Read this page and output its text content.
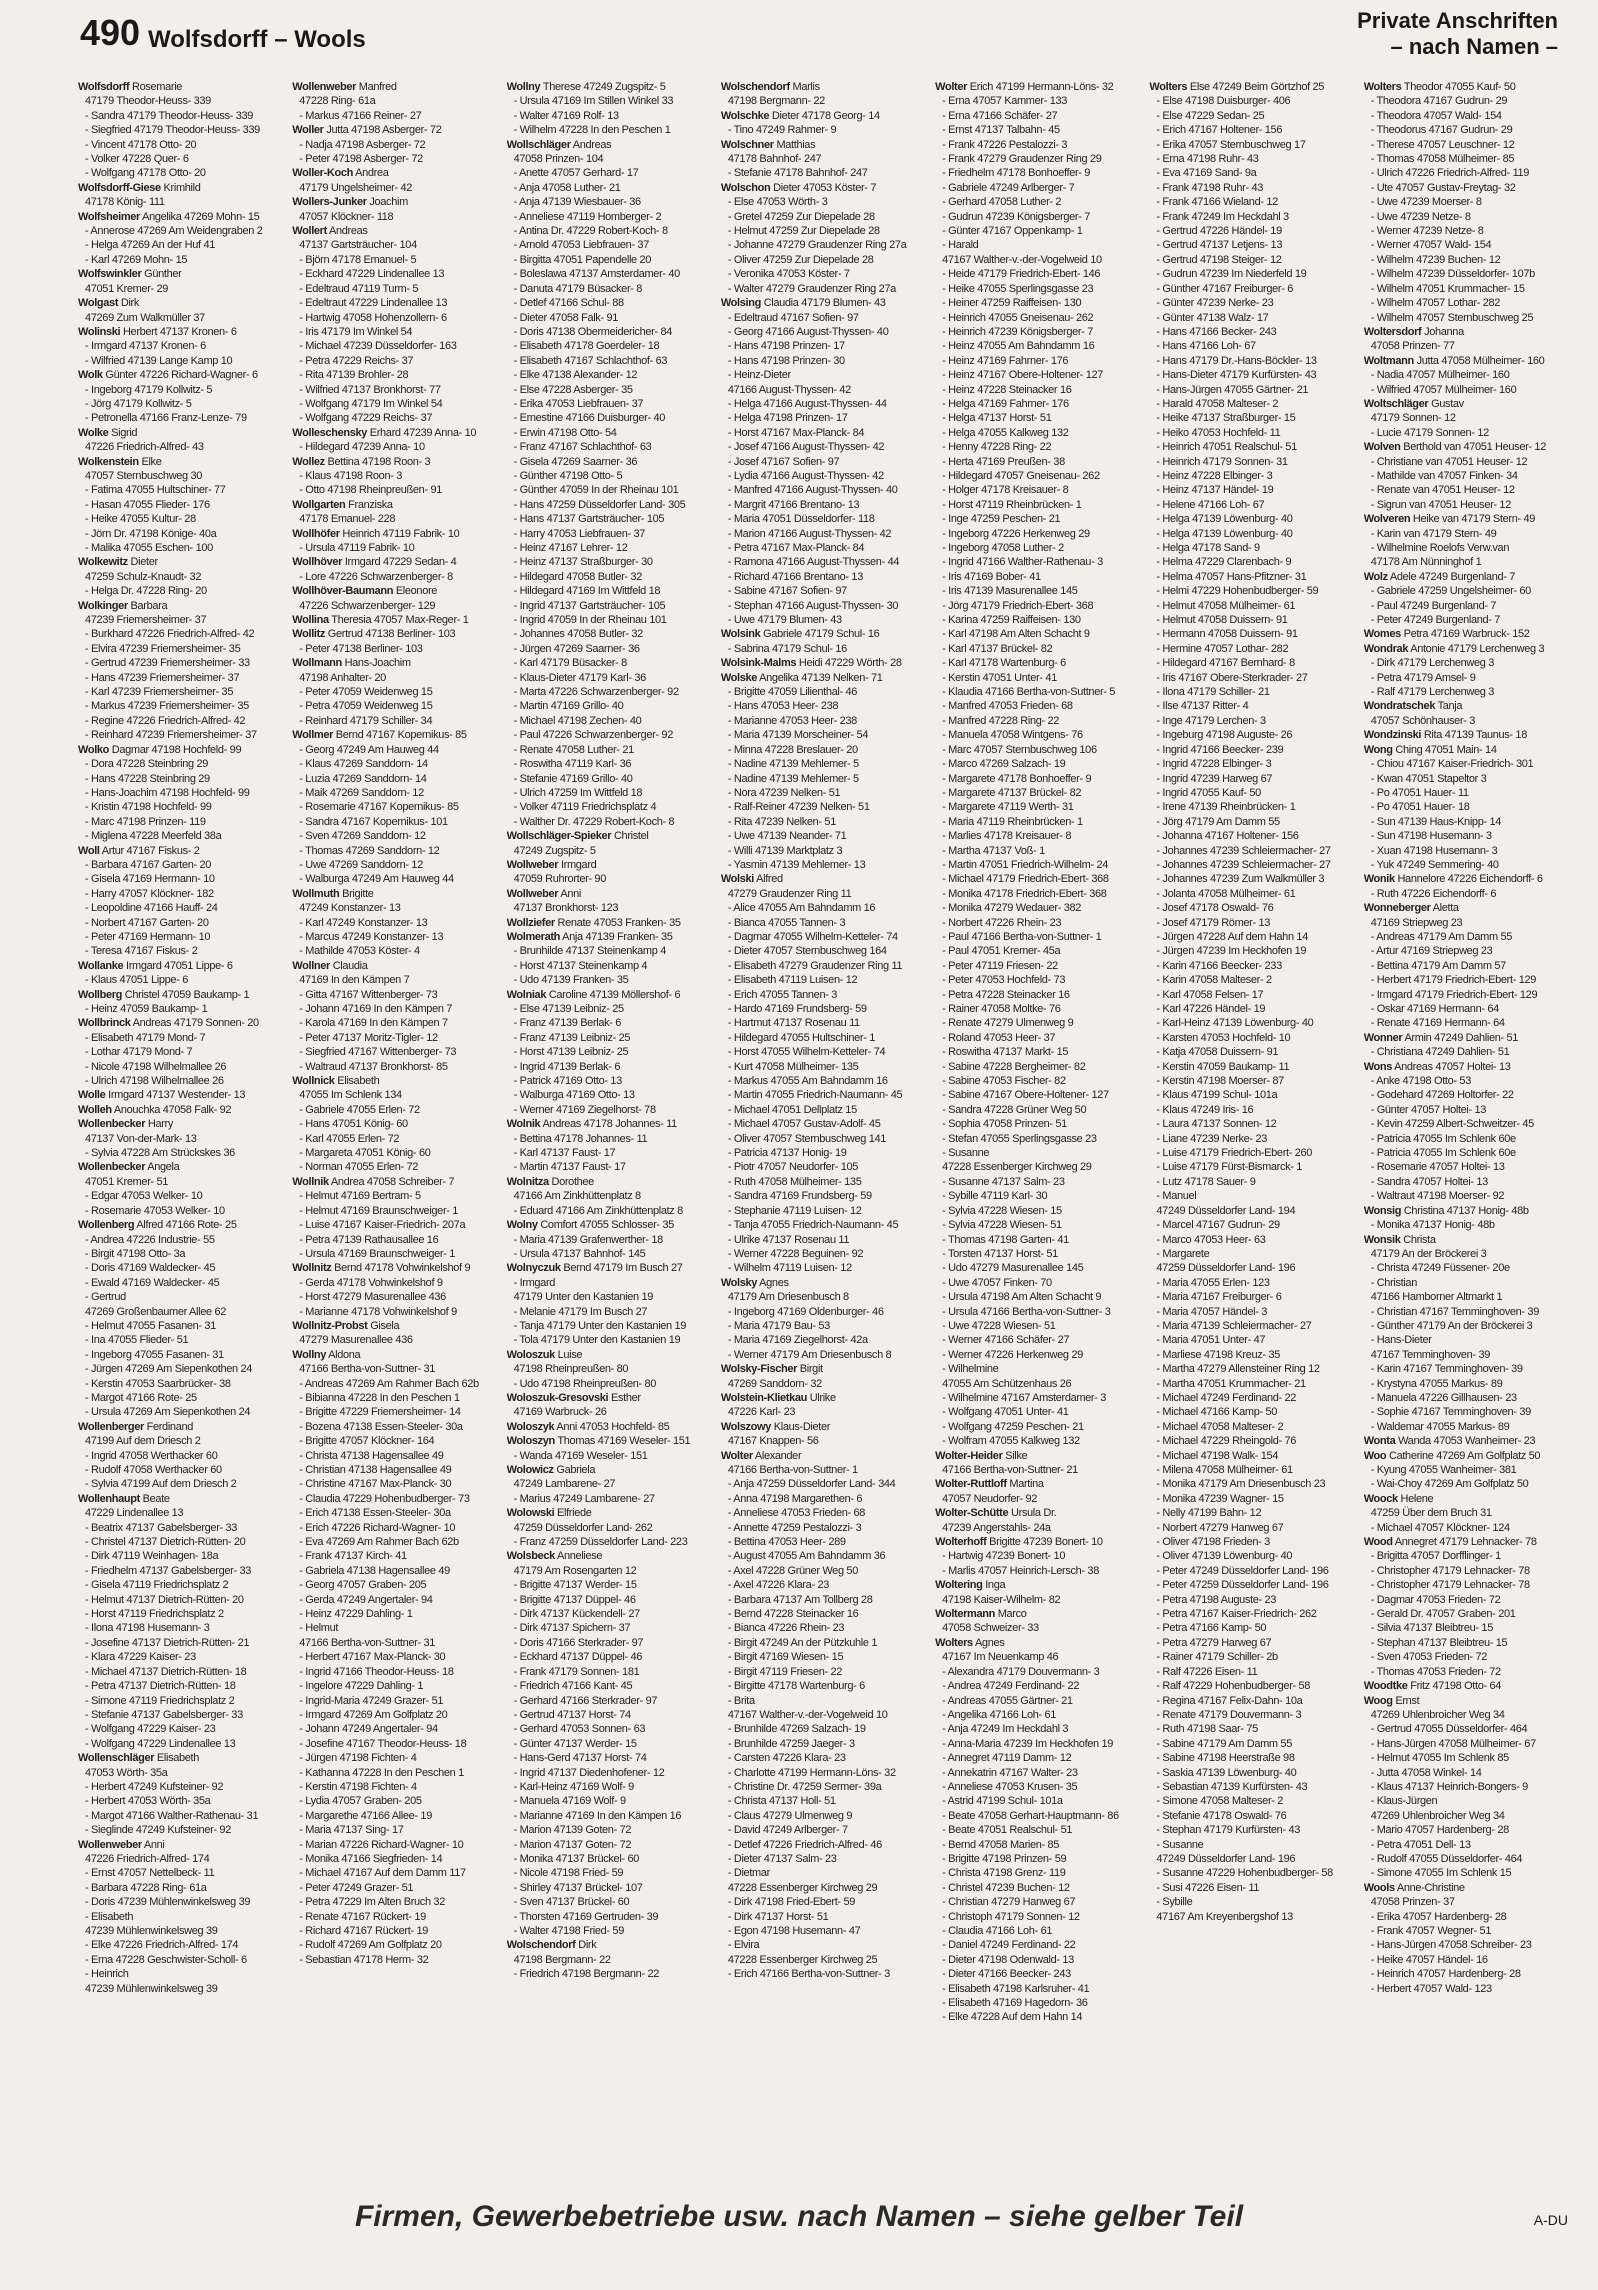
490 Wolfsdorff – Wools
Private Anschriften
– nach Namen –
Wolfsdorff Rosemarie
47179 Theodor-Heuss- 339
- Sandra 47179 Theodor-Heuss- 339
- Siegfried 47179 Theodor-Heuss- 339
- Vincent 47178 Otto- 20
- Volker 47228 Quer- 6
- Wolfgang 47178 Otto- 20
Wolfsdorff-Giese Krimhild
47178 König- 111
Wolfsheimer Angelika 47269 Mohn- 15
- Annerose 47269 Am Weidengraben 2
- Helga 47269 An der Huf 41
- Karl 47269 Mohn- 15
Wolfswinkler Günther
47051 Kremer- 29
Wolgast Dirk
47269 Zum Walkmüller 37
Wolinski Herbert 47137 Kronen- 6
- Irmgard 47137 Kronen- 6
- Wilfried 47139 Lange Kamp 10
Wolk Günter 47226 Richard-Wagner- 6
- Ingeborg 47179 Kollwitz- 5
- Jörg 47179 Kollwitz- 5
- Petronella 47166 Franz-Lenze- 79
Wolke Sigrid
47226 Friedrich-Alfred- 43
Wolkenstein Elke
47057 Sternbuschweg 30
- Fatima 47055 Hultschiner- 77
- Hasan 47055 Flieder- 176
- Heike 47055 Kultur- 28
- Jörn Dr. 47198 Könige- 40a
- Malika 47055 Eschen- 100
Wolkewitz Dieter
47259 Schulz-Knaudt- 32
- Helga Dr. 47228 Ring- 20
Wolkinger Barbara
47239 Friemersheimer- 37
- Burkhard 47226 Friedrich-Alfred- 42
- Elvira 47239 Friemersheimer- 35
- Gertrud 47239 Friemersheimer- 33
- Hans 47239 Friemersheimer- 37
- Karl 47239 Friemersheimer- 35
- Markus 47239 Friemersheimer- 35
- Regine 47226 Friedrich-Alfred- 42
- Reinhard 47239 Friemersheimer- 37
Wolko Dagmar 47198 Hochfeld- 99
- Dora 47228 Steinbring 29
- Hans 47228 Steinbring 29
- Hans-Joachim 47198 Hochfeld- 99
- Kristin 47198 Hochfeld- 99
- Marc 47198 Prinzen- 119
- Miglena 47228 Meerfeld 38a
Woll Artur 47167 Fiskus- 2
- Barbara 47167 Garten- 20
- Gisela 47169 Hermann- 10
- Harry 47057 Klöckner- 182
- Leopoldine 47166 Hauff- 24
- Norbert 47167 Garten- 20
- Peter 47169 Hermann- 10
- Teresa 47167 Fiskus- 2
Wollanke Irmgard 47051 Lippe- 6
- Klaus 47051 Lippe- 6
Wollberg Christel 47059 Baukamp- 1
- Heinz 47059 Baukamp- 1
Wollbrinck Andreas 47179 Sonnen- 20
- Elisabeth 47179 Mond- 7
- Lothar 47179 Mond- 7
- Nicole 47198 Wilhelmallee 26
- Ulrich 47198 Wilhelmallee 26
Wolle Irmgard 47137 Westender- 13
Wolleh Anouchka 47058 Falk- 92
Wollenbecker Harry
47137 Von-der-Mark- 13
- Sylvia 47228 Am Strückskes 36
Wollenbecker Angela
47051 Kremer- 51
- Edgar 47053 Welker- 10
- Rosemarie 47053 Welker- 10
Wollenberg Alfred 47166 Rote- 25
- Andrea 47226 Industrie- 55
- Birgit 47198 Otto- 3a
- Doris 47169 Waldecker- 45
- Ewald 47169 Waldecker- 45
- Gertrud
47269 Großenbaumer Allee 62
- Helmut 47055 Fasanen- 31
- Ina 47055 Flieder- 51
- Ingeborg 47055 Fasanen- 31
- Jürgen 47269 Am Siepenkothen 24
- Kerstin 47053 Saarbrücker- 38
- Margot 47166 Rote- 25
- Ursula 47269 Am Siepenkothen 24
Wollenberger Ferdinand
47199 Auf dem Driesch 2
- Ingrid 47058 Werthacker 60
- Rudolf 47058 Werthacker 60
- Sylvia 47199 Auf dem Driesch 2
Wollenhaupt Beate
47229 Lindenallee 13
- Beatrix 47137 Gabelsberger- 33
- Christel 47137 Dietrich-Rütten- 20
- Dirk 47119 Weinhagen- 18a
- Friedhelm 47137 Gabelsberger- 33
- Gisela 47119 Friedrichsplatz 2
- Helmut 47137 Dietrich-Rütten- 20
- Horst 47119 Friedrichsplatz 2
- Ilona 47198 Husemann- 3
- Josefine 47137 Dietrich-Rütten- 21
- Klara 47229 Kaiser- 23
- Michael 47137 Dietrich-Rütten- 18
- Petra 47137 Dietrich-Rütten- 18
- Simone 47119 Friedrichsplatz 2
- Stefanie 47137 Gabelsberger- 33
- Wolfgang 47229 Kaiser- 23
- Wolfgang 47229 Lindenallee 13
Wollenschläger Elisabeth
47053 Wörth- 35a
- Herbert 47249 Kufsteiner- 92
- Herbert 47053 Wörth- 35a
- Margot 47166 Walther-Rathenau- 31
- Sieglinde 47249 Kufsteiner- 92
Wollenweber Anni
47226 Friedrich-Alfred- 174
- Ernst 47057 Nettelbeck- 11
- Barbara 47228 Ring- 61a
- Doris 47239 Mühlenwinkelsweg 39
- Elisabeth
47239 Mühlenwinkelsweg 39
- Elke 47226 Friedrich-Alfred- 174
- Erna 47228 Geschwister-Scholl- 6
- Heinrich
47239 Mühlenwinkelsweg 39
Wollenweber Manfred
47228 Ring- 61a
- Markus 47166 Reiner- 27
Woller Jutta 47198 Asberger- 72
- Nadja 47198 Asberger- 72
- Peter 47198 Asberger- 72
Woller-Koch Andrea
47179 Ungelsheimer- 42
Wollers-Junker Joachim
47057 Klöckner- 118
Wollert Andreas
47137 Gartsträucher- 104
- Björn 47178 Emanuel- 5
- Eckhard 47229 Lindenallee 13
- Edeltraud 47119 Turm- 5
- Edeltraut 47229 Lindenallee 13
- Hartwig 47058 Hohenzollern- 6
- Iris 47179 Im Winkel 54
- Michael 47239 Düsseldorfer- 163
- Petra 47229 Reichs- 37
- Rita 47139 Brohler- 28
- Wilfried 47137 Bronkhorst- 77
- Wolfgang 47179 Im Winkel 54
- Wolfgang 47229 Reichs- 37
Wolleschensky Erhard 47239 Anna- 10
- Hildegard 47239 Anna- 10
Wollez Bettina 47198 Roon- 3
- Klaus 47198 Roon- 3
- Otto 47198 Rheinpreußen- 91
Wollgarten Franziska
47178 Emanuel- 228
Wollhöfer Heinrich 47119 Fabrik- 10
- Ursula 47119 Fabrik- 10
Wollhöver Irmgard 47229 Sedan- 4
- Lore 47226 Schwarzenberger- 8
Wollhöver-Baumann Eleonore
47226 Schwarzenberger- 129
Wollina Theresia 47057 Max-Reger- 1
Wollitz Gertrud 47138 Berliner- 103
- Peter 47138 Berliner- 103
Wollmann Hans-Joachim
47198 Anhalter- 20
- Peter 47059 Weidenweg 15
- Petra 47059 Weidenweg 15
- Reinhard 47179 Schiller- 34
Wollmer Bernd 47167 Kopernikus- 85
- Georg 47249 Am Hauweg 44
- Klaus 47269 Sanddorn- 14
- Luzia 47269 Sanddorn- 14
- Maik 47269 Sanddorn- 12
- Rosemarie 47167 Kopernikus- 85
- Sandra 47167 Kopernikus- 101
- Sven 47269 Sanddorn- 12
- Thomas 47269 Sanddorn- 12
- Uwe 47269 Sanddorn- 12
- Walburga 47249 Am Hauweg 44
Wollmuth Brigitte
47249 Konstanzer- 13
- Karl 47249 Konstanzer- 13
- Marcus 47249 Konstanzer- 13
- Mathilde 47053 Köster- 4
Wollner Claudia
47169 In den Kämpen 7
- Gitta 47167 Wittenberger- 73
- Johann 47169 In den Kämpen 7
- Karola 47169 In den Kämpen 7
- Peter 47137 Moritz-Tigler- 12
- Siegfried 47167 Wittenberger- 73
- Waltraud 47137 Bronkhorst- 85
Wollnick Elisabeth
47055 Im Schlenk 134
- Gabriele 47055 Erlen- 72
- Hans 47051 König- 60
- Karl 47055 Erlen- 72
- Margareta 47051 König- 60
- Norman 47055 Erlen- 72
Wollnik Andrea 47058 Schreiber- 7
- Helmut 47169 Bertram- 5
- Helmut 47169 Braunschweiger- 1
- Luise 47167 Kaiser-Friedrich- 207a
- Petra 47139 Rathausallee 16
- Ursula 47169 Braunschweiger- 1
Wollnitz Bernd 47178 Vohwinkelshof 9
- Gerda 47178 Vohwinkelshof 9
- Horst 47279 Masurenallee 436
- Marianne 47178 Vohwinkelshof 9
Wollnitz-Probst Gisela
47279 Masurenallee 436
Wollny Aldona
47166 Bertha-von-Suttner- 31
- Andreas 47269 Am Rahmer Bach 62b
- Bibianna 47228 In den Peschen 1
- Brigitte 47229 Friemersheimer- 14
- Bozena 47138 Essen-Steeler- 30a
- Brigitte 47057 Klöckner- 164
- Christa 47138 Hagensallee 49
- Christian 47138 Hagensallee 49
- Christine 47167 Max-Planck- 30
- Claudia 47229 Hohenbudberger- 73
- Erich 47138 Essen-Steeler- 30a
- Erich 47226 Richard-Wagner- 10
- Eva 47269 Am Rahmer Bach 62b
- Frank 47137 Kirch- 41
- Gabriela 47138 Hagensallee 49
- Georg 47057 Graben- 205
- Gerda 47249 Angertaler- 94
- Heinz 47229 Dahling- 1
- Helmut
47166 Bertha-von-Suttner- 31
- Herbert 47167 Max-Planck- 30
- Ingrid 47166 Theodor-Heuss- 18
- Ingelore 47229 Dahling- 1
- Ingrid-Maria 47249 Grazer- 51
- Irmgard 47269 Am Golfplatz 20
- Johann 47249 Angertaler- 94
- Josefine 47167 Theodor-Heuss- 18
- Jürgen 47198 Fichten- 4
- Kathanna 47228 In den Peschen 1
- Kerstin 47198 Fichten- 4
- Lydia 47057 Graben- 205
- Margarethe 47166 Allee- 19
- Maria 47137 Sing- 17
- Marian 47226 Richard-Wagner- 10
- Monika 47166 Siegfrieden- 14
- Michael 47167 Auf dem Damm 117
- Peter 47249 Grazer- 51
- Petra 47229 Im Alten Bruch 32
- Renate 47167 Rückert- 19
- Richard 47167 Rückert- 19
- Rudolf 47269 Am Golfplatz 20
- Sebastian 47178 Herm- 32
Wollny Therese 47249 Zugspitz- 5
- Ursula 47169 Im Stillen Winkel 33
- Walter 47169 Rolf- 13
- Wilhelm 47228 In den Peschen 1
Wollschläger Andreas
47058 Prinzen- 104
- Anette 47057 Gerhard- 17
- Anja 47058 Luther- 21
- Anja 47139 Wiesbauer- 36
- Anneliese 47119 Homberger- 2
- Antina Dr. 47229 Robert-Koch- 8
- Arnold 47053 Liebfrauen- 37
- Birgitta 47051 Papendelle 20
- Boleslawa 47137 Amsterdamer- 40
- Danuta 47179 Büsacker- 8
- Detlef 47166 Schul- 88
- Dieter 47058 Falk- 91
- Doris 47138 Obermeidericher- 84
- Elisabeth 47178 Goerdeler- 18
- Elisabeth 47167 Schlachthof- 63
- Elke 47138 Alexander- 12
- Else 47228 Asberger- 35
- Erika 47053 Liebfrauen- 37
- Ernestine 47166 Duisburger- 40
- Erwin 47198 Otto- 54
- Franz 47167 Schlachthof- 63
- Gisela 47269 Saarner- 36
- Günther 47198 Otto- 5
- Günther 47059 In der Rheinau 101
- Hans 47259 Düsseldorfer Land- 305
- Hans 47137 Gartsträucher- 105
- Harry 47053 Liebfrauen- 37
- Heinz 47167 Lehrer- 12
- Heinz 47137 Straßburger- 30
- Hildegard 47058 Butler- 32
- Hildegard 47169 Im Wittfeld 18
- Ingrid 47137 Gartsträucher- 105
- Ingrid 47059 In der Rheinau 101
- Johannes 47058 Butler- 32
- Jürgen 47269 Saarner- 36
- Karl 47179 Büsacker- 8
- Klaus-Dieter 47179 Karl- 36
- Marta 47226 Schwarzenberger- 92
- Martin 47169 Grillo- 40
- Michael 47198 Zechen- 40
- Paul 47226 Schwarzenberger- 92
- Renate 47058 Luther- 21
- Roswitha 47119 Karl- 36
- Stefanie 47169 Grillo- 40
- Ulrich 47259 Im Wittfeld 18
- Volker 47119 Friedrichsplatz 4
- Walther Dr. 47229 Robert-Koch- 8
Wollschläger-Spieker Christel
47249 Zugspitz- 5
Wollweber Irmgard
47059 Ruhrorter- 90
Wollweber Anni
47137 Bronkhorst- 123
Wollziefer Renate 47053 Franken- 35
Wolmerath Anja 47139 Franken- 35
- Brunhilde 47137 Steinenkamp 4
- Horst 47137 Steinenkamp 4
- Udo 47139 Franken- 35
Wolniak Caroline 47139 Möllershof- 6
- Else 47139 Leibniz- 25
- Franz 47139 Berlak- 6
- Franz 47139 Leibniz- 25
- Horst 47139 Leibniz- 25
- Ingrid 47139 Berlak- 6
- Patrick 47169 Otto- 13
- Walburga 47169 Otto- 13
- Werner 47169 Ziegelhorst- 78
Wolnik Andreas 47178 Johannes- 11
- Bettina 47178 Johannes- 11
- Karl 47137 Faust- 17
- Martin 47137 Faust- 17
Wolnitza Dorothee
47166 Am Zinkhüttenplatz 8
- Eduard 47166 Am Zinkhüttenplatz 8
Wolny Comfort 47055 Schlosser- 35
- Maria 47139 Grafenwerther- 18
- Ursula 47137 Bahnhof- 145
Wolnyczuk Bernd 47179 Im Busch 27
- Irmgard
47179 Unter den Kastanien 19
- Melanie 47179 Im Busch 27
- Tanja 47179 Unter den Kastanien 19
- Tola 47179 Unter den Kastanien 19
Woloszuk Luise
47198 Rheinpreußen- 80
- Udo 47198 Rheinpreußen- 80
Woloszuk-Gresovski Esther
47169 Warbruck- 26
Woloszyk Anni 47053 Hochfeld- 85
Woloszyn Thomas 47169 Weseler- 151
- Wanda 47169 Weseler- 151
Wolowicz Gabriela
47249 Lambarene- 27
- Marius 47249 Lambarene- 27
Wolowski Elfriede
47259 Düsseldorfer Land- 262
- Franz 47259 Düsseldorfer Land- 223
Wolsbeck Anneliese
47179 Am Rosengarten 12
- Brigitte 47137 Werder- 15
- Brigitte 47137 Düppel- 46
- Dirk 47137 Kückendell- 27
- Dirk 47137 Spichern- 37
- Doris 47166 Sterkrader- 97
- Eckhard 47137 Düppel- 46
- Frank 47179 Sonnen- 181
- Friedrich 47166 Kant- 45
- Gerhard 47166 Sterkrader- 97
- Gertrud 47137 Horst- 74
- Gerhard 47053 Sonnen- 63
- Günter 47137 Werder- 15
- Hans-Gerd 47137 Horst- 74
- Ingrid 47137 Diedenhofener- 12
- Karl-Heinz 47169 Wolf- 9
- Manuela 47169 Wolf- 9
- Marianne 47169 In den Kämpen 16
- Marion 47139 Goten- 72
- Marion 47137 Goten- 72
- Monika 47137 Brückel- 60
- Nicole 47198 Fried- 59
- Shirley 47137 Brückel- 107
- Sven 47137 Brückel- 60
- Thorsten 47169 Gertruden- 39
- Walter 47198 Fried- 59
Wolschendorf Dirk
47198 Bergmann- 22
- Friedrich 47198 Bergmann- 22
Wolschendorf Marlis
47198 Bergmann- 22
Wolschke Dieter 47178 Georg- 14
- Tino 47249 Rahmer- 9
Wolschner Matthias
47178 Bahnhof- 247
- Stefanie 47178 Bahnhof- 247
Wolschon Dieter 47053 Köster- 7
- Else 47053 Wörth- 3
- Gretel 47259 Zur Diepelade 28
- Helmut 47259 Zur Diepelade 28
- Johanne 47279 Graudenzer Ring 27a
- Oliver 47259 Zur Diepelade 28
- Veronika 47053 Köster- 7
- Walter 47279 Graudenzer Ring 27a
Wolsing Claudia 47179 Blumen- 43
- Edeltraud 47167 Sofien- 97
- Georg 47166 August-Thyssen- 40
- Hans 47198 Prinzen- 17
- Hans 47198 Prinzen- 30
- Heinz-Dieter
47166 August-Thyssen- 42
- Helga 47166 August-Thyssen- 44
- Helga 47198 Prinzen- 17
- Horst 47167 Max-Planck- 84
- Josef 47166 August-Thyssen- 42
- Josef 47167 Sofien- 97
- Lydia 47166 August-Thyssen- 42
- Manfred 47166 August-Thyssen- 40
- Margrit 47166 Brentano- 13
- Maria 47051 Düsseldorfer- 118
- Marion 47166 August-Thyssen- 42
- Petra 47167 Max-Planck- 84
- Ramona 47166 August-Thyssen- 44
- Richard 47166 Brentano- 13
- Sabine 47167 Sofien- 97
- Stephan 47166 August-Thyssen- 30
- Uwe 47179 Blumen- 43
Wolsink Gabriele 47179 Schul- 16
- Sabrina 47179 Schul- 16
Wolsink-Malms Heidi 47229 Wörth- 28
Wolske Angelika 47139 Nelken- 71
- Brigitte 47059 Lilienthal- 46
- Hans 47053 Heer- 238
- Marianne 47053 Heer- 238
- Maria 47139 Morscheiner- 54
- Minna 47228 Breslauer- 20
- Nadine 47139 Mehlemer- 5
- Nadine 47139 Mehlemer- 5
- Nora 47239 Nelken- 51
- Ralf-Reiner 47239 Nelken- 51
- Rita 47239 Nelken- 51
- Uwe 47139 Neander- 71
- Willi 47139 Marktplatz 3
- Yasmin 47139 Mehlemer- 13
Wolski Alfred
47279 Graudenzer Ring 11
- Alice 47055 Am Bahndamm 16
- Bianca 47055 Tannen- 3
- Dagmar 47055 Wilhelm-Ketteler- 74
- Dieter 47057 Sternbuschweg 164
- Elisabeth 47279 Graudenzer Ring 11
- Elisabeth 47119 Luisen- 12
- Erich 47055 Tannen- 3
- Hardo 47169 Frundsberg- 59
- Hartmut 47137 Rosenau 11
- Hildegard 47055 Hultschiner- 1
- Horst 47055 Wilhelm-Ketteler- 74
- Kurt 47058 Mülheimer- 135
- Markus 47055 Am Bahndamm 16
- Martin 47055 Friedrich-Naumann- 45
- Michael 47051 Dellplatz 15
- Michael 47057 Gustav-Adolf- 45
- Oliver 47057 Sternbuschweg 141
- Patricia 47137 Honig- 19
- Piotr 47057 Neudorfer- 105
- Ruth 47058 Mülheimer- 135
- Sandra 47169 Frundsberg- 59
- Stephanie 47119 Luisen- 12
- Tanja 47055 Friedrich-Naumann- 45
- Ulrike 47137 Rosenau 11
- Werner 47228 Beguinen- 92
- Wilhelm 47119 Luisen- 12
Wolsky Agnes
47179 Am Driesenbusch 8
- Ingeborg 47169 Oldenburger- 46
- Maria 47179 Bau- 53
- Maria 47169 Ziegelhorst- 42a
- Werner 47179 Am Driesenbusch 8
Wolsky-Fischer Birgit
47269 Sanddorn- 32
Wolstein-Klietkau Ulrike
47226 Karl- 23
Wolszowy Klaus-Dieter
47167 Knappen- 56
Wolter Alexander
47166 Bertha-von-Suttner- 1
- Anja 47259 Düsseldorfer Land- 344
- Anna 47198 Margarethen- 6
- Anneliese 47053 Frieden- 68
- Annette 47259 Pestalozzi- 3
- Bettina 47053 Heer- 289
- August 47055 Am Bahndamm 36
- Axel 47228 Grüner Weg 50
- Axel 47226 Klara- 23
- Barbara 47137 Am Tollberg 28
- Bernd 47228 Steinacker 16
- Bianca 47226 Rhein- 23
- Birgit 47249 An der Pützkuhle 1
- Birgit 47169 Wiesen- 15
- Birgit 47119 Friesen- 22
- Birgitte 47178 Wartenburg- 6
- Brita
47167 Walther-v.-der-Vogelweid 10
- Brunhilde 47269 Salzach- 19
- Brunhilde 47259 Jaeger- 3
- Carsten 47226 Klara- 23
- Charlotte 47199 Hermann-Löns- 32
- Christine Dr. 47259 Sermer- 39a
- Christa 47137 Holl- 51
- Claus 47279 Ulmenweg 9
- David 47249 Arlberger- 7
- Detlef 47226 Friedrich-Alfred- 46
- Dieter 47137 Salm- 23
- Dietmar
47228 Essenberger Kirchweg 29
- Dirk 47198 Fried-Ebert- 59
- Dirk 47137 Horst- 51
- Egon 47198 Husemann- 47
- Elvira
47228 Essenberger Kirchweg 25
- Erich 47166 Bertha-von-Suttner- 3
Wolter Erich 47199 Hermann-Löns- 32
- Erna 47057 Kammer- 133
- Erna 47166 Schäfer- 27
- Ernst 47137 Talbahn- 45
- Frank 47226 Pestalozzi- 3
- Frank 47279 Graudenzer Ring 29
- Friedhelm 47178 Bonhoeffer- 9
- Gabriele 47249 Arlberger- 7
- Gerhard 47058 Luther- 2
- Gudrun 47239 Königsberger- 7
- Günter 47167 Oppenkamp- 1
- Harald
47167 Walther-v.-der-Vogelweid 10
- Heide 47179 Friedrich-Ebert- 146
- Heike 47055 Sperlingsgasse 23
- Heiner 47259 Raiffeisen- 130
- Heinrich 47055 Gneisenau- 262
- Heinrich 47239 Königsberger- 7
- Heinz 47055 Am Bahndamm 16
- Heinz 47169 Fahrner- 176
- Heinz 47167 Obere-Holtener- 127
- Heinz 47228 Steinacker 16
- Helga 47169 Fahrner- 176
- Helga 47137 Horst- 51
- Helga 47055 Kalkweg 132
- Henny 47228 Ring- 22
- Herta 47169 Preußen- 38
- Hildegard 47057 Gneisenau- 262
- Holger 47178 Kreisauer- 8
- Horst 47119 Rheinbrücken- 1
- Inge 47259 Peschen- 21
- Ingeborg 47226 Herkenweg 29
- Ingeborg 47058 Luther- 2
- Ingrid 47166 Walther-Rathenau- 3
- Iris 47169 Bober- 41
- Iris 47139 Masurenallee 145
- Jörg 47179 Friedrich-Ebert- 368
- Karina 47259 Raiffeisen- 130
- Karl 47198 Am Alten Schacht 9
- Karl 47137 Brückel- 82
- Karl 47178 Wartenburg- 6
- Kerstin 47051 Unter- 41
- Klaudia 47166 Bertha-von-Suttner- 5
- Manfred 47053 Frieden- 68
- Manfred 47228 Ring- 22
- Manuela 47058 Wintgens- 76
- Marc 47057 Sternbuschweg 106
- Marco 47269 Salzach- 19
- Margarete 47178 Bonhoeffer- 9
- Margarete 47137 Brückel- 82
- Margarete 47119 Werth- 31
- Maria 47119 Rheinbrücken- 1
- Marlies 47178 Kreisauer- 8
- Martha 47137 Voß- 1
- Martin 47051 Friedrich-Wilhelm- 24
- Michael 47179 Friedrich-Ebert- 368
- Monika 47178 Friedrich-Ebert- 368
- Monika 47279 Wedauer- 382
- Norbert 47226 Rhein- 23
- Paul 47166 Bertha-von-Suttner- 1
- Paul 47051 Kremer- 45a
- Peter 47119 Friesen- 22
- Peter 47053 Hochfeld- 73
- Petra 47228 Steinacker 16
- Rainer 47058 Moltke- 76
- Renate 47279 Ulmenweg 9
- Roland 47053 Heer- 37
- Roswitha 47137 Markt- 15
- Sabine 47228 Bergheimer- 82
- Sabine 47053 Fischer- 82
- Sabine 47167 Obere-Holtener- 127
- Sandra 47228 Grüner Weg 50
- Sophia 47058 Prinzen- 51
- Stefan 47055 Sperlingsgasse 23
- Susanne
47228 Essenberger Kirchweg 29
- Susanne 47137 Salm- 23
- Sybille 47119 Karl- 30
- Sylvia 47228 Wiesen- 15
- Sylvia 47228 Wiesen- 51
- Thomas 47198 Garten- 41
- Torsten 47137 Horst- 51
- Udo 47279 Masurenallee 145
- Uwe 47057 Finken- 70
- Ursula 47198 Am Alten Schacht 9
- Ursula 47166 Bertha-von-Suttner- 3
- Uwe 47228 Wiesen- 51
- Werner 47166 Schäfer- 27
- Werner 47226 Herkenweg 29
- Wilhelmine
47055 Am Schützenhaus 26
- Wilhelmine 47167 Amsterdamer- 3
- Wolfgang 47051 Unter- 41
- Wolfgang 47259 Peschen- 21
- Wolfram 47055 Kalkweg 132
Wolter-Heider Silke
47166 Bertha-von-Suttner- 21
Wolter-Ruttloff Martina
47057 Neudorfer- 92
Wolter-Schütte Ursula Dr.
47239 Angerstahls- 24a
Wolterhoff Brigitte 47239 Bonert- 10
- Hartwig 47239 Bonert- 10
- Marlis 47057 Heinrich-Lersch- 38
Woltering Inga
47198 Kaiser-Wilhelm- 82
Woltermann Marco
47058 Schweizer- 33
Wolters Agnes
47167 Im Neuenkamp 46
- Alexandra 47179 Douvermann- 3
- Andrea 47249 Ferdinand- 22
- Andreas 47055 Gärtner- 21
- Angelika 47166 Loh- 61
- Anja 47249 Im Heckdahl 3
- Anna-Maria 47239 Im Heckhofen 19
- Annegret 47119 Damm- 12
- Annekatrin 47167 Walter- 23
- Anneliese 47053 Krusen- 35
- Astrid 47199 Schul- 101a
- Beate 47058 Gerhart-Hauptmann- 86
- Beate 47051 Realschul- 51
- Bernd 47058 Marien- 85
- Brigitte 47198 Prinzen- 59
- Christa 47198 Grenz- 119
- Christel 47239 Buchen- 12
- Christian 47279 Hanweg 67
- Christoph 47179 Sonnen- 12
- Claudia 47166 Loh- 61
- Daniel 47249 Ferdinand- 22
- Dieter 47198 Odenwald- 13
- Dieter 47166 Beecker- 243
- Elisabeth 47198 Karlsruher- 41
- Elisabeth 47169 Hagedorn- 36
- Elke 47228 Auf dem Hahn 14
Wolters Else 47249 Beim Görtzhof 25
- Else 47198 Duisburger- 406
- Else 47229 Sedan- 25
- Erich 47167 Holtener- 156
- Erika 47057 Sternbuschweg 17
- Erna 47198 Ruhr- 43
- Eva 47169 Sand- 9a
- Frank 47198 Ruhr- 43
- Frank 47166 Wieland- 12
- Frank 47249 Im Heckdahl 3
- Gertrud 47226 Händel- 19
- Gertrud 47137 Letjens- 13
- Gertrud 47198 Steiger- 12
- Gudrun 47239 Im Niederfeld 19
- Günther 47167 Freiburger- 6
- Günter 47239 Nerke- 23
- Günter 47138 Walz- 17
- Hans 47166 Becker- 243
- Hans 47166 Loh- 67
- Hans 47179 Dr.-Hans-Böckler- 13
- Hans-Dieter 47179 Kurfürsten- 43
- Hans-Jürgen 47055 Gärtner- 21
- Harald 47058 Malteser- 2
- Heike 47137 Straßburger- 15
- Heiko 47053 Hochfeld- 11
- Heinrich 47051 Realschul- 51
- Heinrich 47179 Sonnen- 31
- Heinz 47228 Elbinger- 3
- Heinz 47137 Händel- 19
- Helene 47166 Loh- 67
- Helga 47139 Löwenburg- 40
- Helga 47139 Löwenburg- 40
- Helga 47178 Sand- 9
- Helma 47229 Clarenbach- 9
- Helma 47057 Hans-Pfitzner- 31
- Helmi 47229 Hohenbudberger- 59
- Helmut 47058 Mülheimer- 61
- Helmut 47058 Duissern- 91
- Hermann 47058 Duissern- 91
- Hermine 47057 Lothar- 282
- Hildegard 47167 Bernhard- 8
- Iris 47167 Obere-Sterkrader- 27
- Ilona 47179 Schiller- 21
- Ilse 47137 Ritter- 4
- Inge 47179 Lerchen- 3
- Ingeburg 47198 Auguste- 26
- Ingrid 47166 Beecker- 239
- Ingrid 47228 Elbinger- 3
- Ingrid 47239 Harweg 67
- Ingrid 47055 Kauf- 50
- Irene 47139 Rheinbrücken- 1
- Jörg 47179 Am Damm 55
- Johanna 47167 Holtener- 156
- Johannes 47239 Schleiermacher- 27
- Johannes 47239 Schleiermacher- 27
- Johannes 47239 Zum Walkmüller 3
- Jolanta 47058 Mülheimer- 61
- Josef 47178 Oswald- 76
- Josef 47179 Römer- 13
- Jürgen 47228 Auf dem Hahn 14
- Jürgen 47239 Im Heckhofen 19
- Karin 47166 Beecker- 233
- Karin 47058 Malteser- 2
- Karl 47058 Felsen- 17
- Karl 47226 Händel- 19
- Karl-Heinz 47139 Löwenburg- 40
- Karsten 47053 Hochfeld- 10
- Katja 47058 Duissern- 91
- Kerstin 47059 Baukamp- 11
- Kerstin 47198 Moerser- 87
- Klaus 47199 Schul- 101a
- Klaus 47249 Iris- 16
- Laura 47137 Sonnen- 12
- Liane 47239 Nerke- 23
- Luise 47179 Friedrich-Ebert- 260
- Luise 47179 Fürst-Bismarck- 1
- Lutz 47178 Sauer- 9
- Manuel
47249 Düsseldorfer Land- 194
- Marcel 47167 Gudrun- 29
- Marco 47053 Heer- 63
- Margarete
47259 Düsseldorfer Land- 196
- Maria 47055 Erlen- 123
- Maria 47167 Freiburger- 6
- Maria 47057 Händel- 3
- Maria 47139 Schleiermacher- 27
- Maria 47051 Unter- 47
- Marliese 47198 Kreuz- 35
- Martha 47279 Allensteiner Ring 12
- Martha 47051 Krummacher- 21
- Michael 47249 Ferdinand- 22
- Michael 47166 Kamp- 50
- Michael 47058 Malteser- 2
- Michael 47229 Rheingold- 76
- Michael 47198 Walk- 154
- Milena 47058 Mülheimer- 61
- Monika 47179 Am Driesenbusch 23
- Monika 47239 Wagner- 15
- Nelly 47199 Bahn- 12
- Norbert 47279 Hanweg 67
- Oliver 47198 Frieden- 3
- Oliver 47139 Löwenburg- 40
- Peter 47249 Düsseldorfer Land- 196
- Peter 47259 Düsseldorfer Land- 196
- Petra 47198 Auguste- 23
- Petra 47167 Kaiser-Friedrich- 262
- Petra 47166 Kamp- 50
- Petra 47279 Harweg 67
- Rainer 47179 Schiller- 2b
- Ralf 47226 Eisen- 11
- Ralf 47229 Hohenbudberger- 58
- Regina 47167 Felix-Dahn- 10a
- Renate 47179 Douvermann- 3
- Ruth 47198 Saar- 75
- Sabine 47179 Am Damm 55
- Sabine 47198 Heerstraße 98
- Saskia 47139 Löwenburg- 40
- Sebastian 47139 Kurfürsten- 43
- Simone 47058 Malteser- 2
- Stefanie 47178 Oswald- 76
- Stephan 47179 Kurfürsten- 43
- Susanne
47249 Düsseldorfer Land- 196
- Susanne 47229 Hohenbudberger- 58
- Susi 47226 Eisen- 11
- Sybille
47167 Am Kreyenbergshof 13
Wolters Theodor 47055 Kauf- 50
- Theodora 47167 Gudrun- 29
- Theodora 47057 Wald- 154
- Theodorus 47167 Gudrun- 29
- Therese 47057 Leuschner- 12
- Thomas 47058 Mülheimer- 85
- Ulrich 47226 Friedrich-Alfred- 119
- Ute 47057 Gustav-Freytag- 32
- Uwe 47239 Moerser- 8
- Uwe 47239 Netze- 8
- Werner 47239 Netze- 8
- Werner 47057 Wald- 154
- Wilhelm 47239 Buchen- 12
- Wilhelm 47239 Düsseldorfer- 107b
- Wilhelm 47051 Krummacher- 15
- Wilhelm 47057 Lothar- 282
- Wilhelm 47057 Sternbuschweg 25
Woltersdorf Johanna
47058 Prinzen- 77
Woltmann Jutta 47058 Mülheimer- 160
- Nadia 47057 Mülheimer- 160
- Wilfried 47057 Mülheimer- 160
Woltschläger Gustav
47179 Sonnen- 12
- Lucie 47179 Sonnen- 12
Wolven Berthold van 47051 Heuser- 12
- Christiane van 47051 Heuser- 12
- Mathilde van 47057 Finken- 34
- Renate van 47051 Heuser- 12
- Sigrun van 47051 Heuser- 12
Wolveren Heike van 47179 Stern- 49
- Karin van 47179 Stern- 49
- Wilhelmine Roelofs Verw.van
47178 Am Nünninghof 1
Wolz Adele 47249 Burgenland- 7
- Gabriele 47259 Ungelsheimer- 60
- Paul 47249 Burgenland- 7
- Peter 47249 Burgenland- 7
Womes Petra 47169 Warbruck- 152
Wondrak Antonie 47179 Lerchenweg 3
- Dirk 47179 Lerchenweg 3
- Petra 47179 Amsel- 9
- Ralf 47179 Lerchenweg 3
Wondratschek Tanja
47057 Schönhauser- 3
Wondzinski Rita 47139 Taunus- 18
Wong Ching 47051 Main- 14
- Chiou 47167 Kaiser-Friedrich- 301
- Kwan 47051 Stapeltor 3
- Po 47051 Hauer- 11
- Po 47051 Hauer- 18
- Sun 47139 Haus-Knipp- 14
- Sun 47198 Husemann- 3
- Xuan 47198 Husemann- 3
- Yuk 47249 Semmering- 40
Wonik Hannelore 47226 Eichendorff- 6
- Ruth 47226 Eichendorff- 6
Wonneberger Aletta
47169 Striepweg 23
- Andreas 47179 Am Damm 55
- Artur 47169 Striepweg 23
- Bettina 47179 Am Damm 57
- Herbert 47179 Friedrich-Ebert- 129
- Irmgard 47179 Friedrich-Ebert- 129
- Oskar 47169 Hermann- 64
- Renate 47169 Hermann- 64
Wonner Armin 47249 Dahlien- 51
- Christiana 47249 Dahlien- 51
Wons Andreas 47057 Holtei- 13
- Anke 47198 Otto- 53
- Godehard 47269 Holtorfer- 22
- Günter 47057 Holtei- 13
- Kevin 47259 Albert-Schweitzer- 45
- Patricia 47055 Im Schlenk 60e
- Patricia 47055 Im Schlenk 60e
- Rosemarie 47057 Holtei- 13
- Sandra 47057 Holtei- 13
- Waltraut 47198 Moerser- 92
Wonsig Christina 47137 Honig- 48b
- Monika 47137 Honig- 48b
Wonsik Christa
47179 An der Bröckerei 3
- Christa 47249 Füssener- 20e
- Christian
47166 Hamborner Altmarkt 1
- Christian 47167 Temminghoven- 39
- Günther 47179 An der Bröckerei 3
- Hans-Dieter
47167 Temminghoven- 39
- Karin 47167 Temminghoven- 39
- Krystyna 47055 Markus- 89
- Manuela 47226 Gillhausen- 23
- Sophie 47167 Temminghoven- 39
- Waldemar 47055 Markus- 89
Wonta Wanda 47053 Wanheimer- 23
Woo Catherine 47269 Am Golfplatz 50
- Kyung 47055 Wanheimer- 381
- Wai-Choy 47269 Am Golfplatz 50
Woock Helene
47259 Über dem Bruch 31
- Michael 47057 Klöckner- 124
Wood Annegret 47179 Lehnacker- 78
- Brigitta 47057 Dorfflinger- 1
- Christopher 47179 Lehnacker- 78
- Christopher 47179 Lehnacker- 78
- Dagmar 47053 Frieden- 72
- Gerald Dr. 47057 Graben- 201
- Silvia 47137 Bleibtreu- 15
- Stephan 47137 Bleibtreu- 15
- Sven 47053 Frieden- 72
- Thomas 47053 Frieden- 72
Woodtke Fritz 47198 Otto- 64
Woog Ernst
47269 Uhlenbroicher Weg 34
- Gertrud 47055 Düsseldorfer- 464
- Hans-Jürgen 47058 Mülheimer- 67
- Helmut 47055 Im Schlenk 85
- Jutta 47058 Winkel- 14
- Klaus 47137 Heinrich-Bongers- 9
- Klaus-Jürgen
47269 Uhlenbroicher Weg 34
- Mario 47057 Hardenberg- 28
- Petra 47051 Dell- 13
- Rudolf 47055 Düsseldorfer- 464
- Simone 47055 Im Schlenk 15
Wools Anne-Christine
47058 Prinzen- 37
- Erika 47057 Hardenberg- 28
- Frank 47057 Wegner- 51
- Hans-Jürgen 47058 Schreiber- 23
- Heike 47057 Händel- 16
- Heinrich 47057 Hardenberg- 28
- Herbert 47057 Wald- 123
Firmen, Gewerbebetriebe usw. nach Namen – siehe gelber Teil	A-DU
